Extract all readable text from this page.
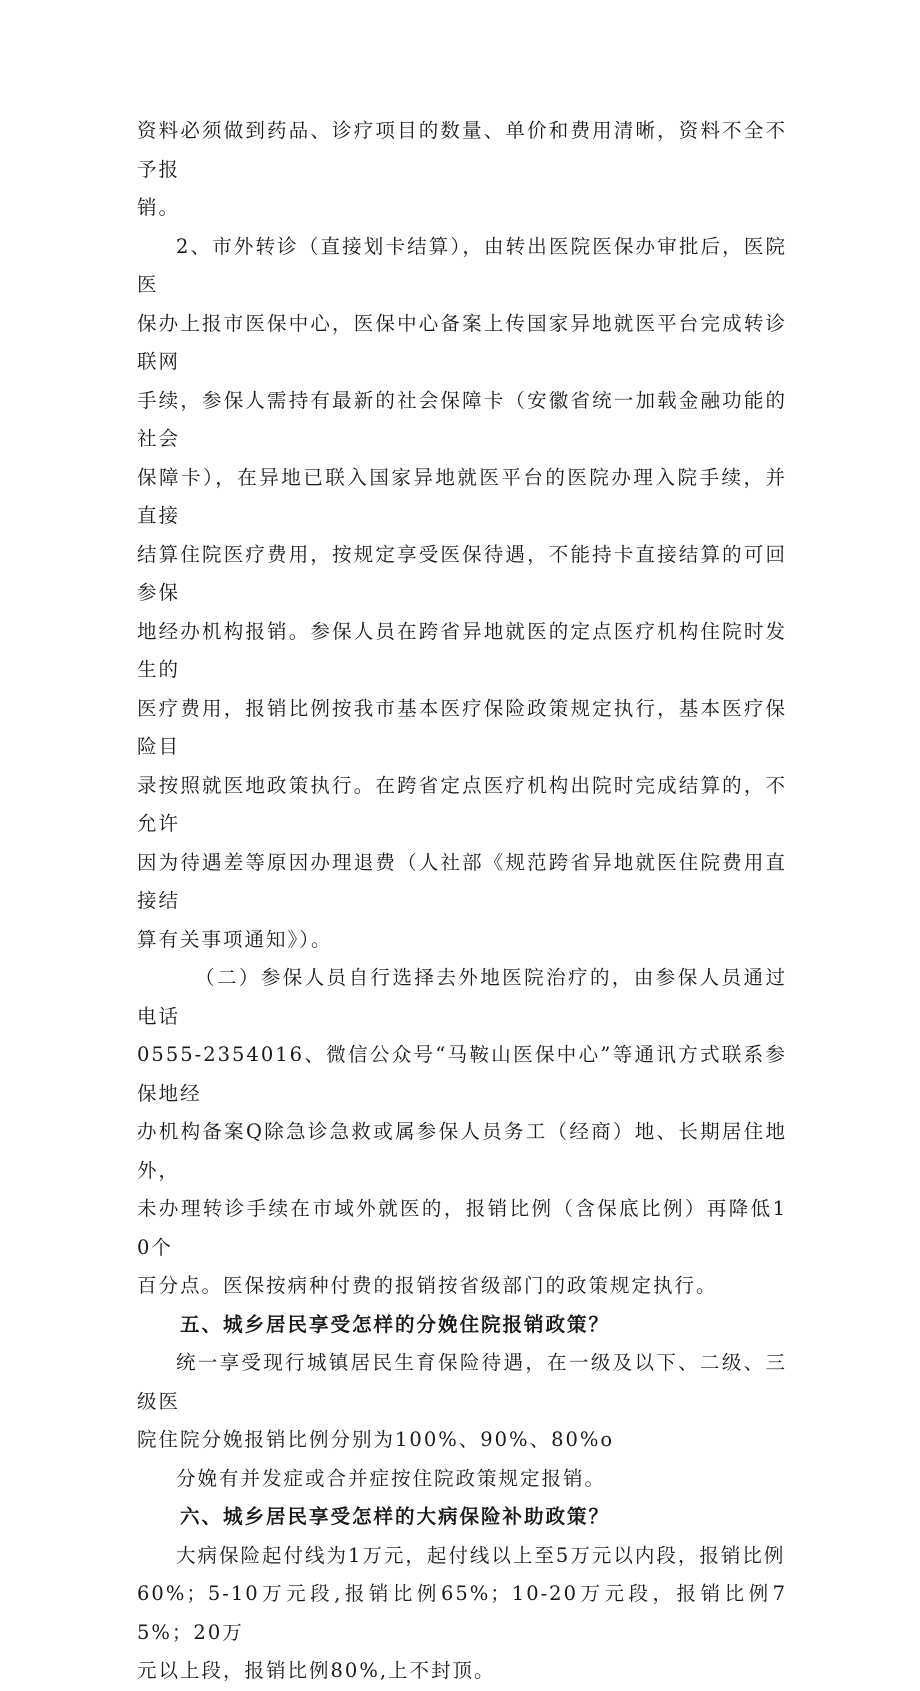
资料必须做到药品、诊疗项目的数量、单价和费用清晰，资料不全不予报
销。

2、市外转诊（直接划卡结算），由转出医院医保办审批后，医院医
保办上报市医保中心，医保中心备案上传国家异地就医平台完成转诊联网
手续，参保人需持有最新的社会保障卡（安徽省统一加载金融功能的社会
保障卡），在异地已联入国家异地就医平台的医院办理入院手续，并直接
结算住院医疗费用，按规定享受医保待遇，不能持卡直接结算的可回参保
地经办机构报销。参保人员在跨省异地就医的定点医疗机构住院时发生的
医疗费用，报销比例按我市基本医疗保险政策规定执行，基本医疗保险目
录按照就医地政策执行。在跨省定点医疗机构出院时完成结算的，不允许
因为待遇差等原因办理退费（人社部《规范跨省异地就医住院费用直接结
算有关事项通知》）。

（二）参保人员自行选择去外地医院治疗的，由参保人员通过电话
0555-2354016、微信公众号“马鞍山医保中心”等通讯方式联系参保地经
办机构备案Q除急诊急救或属参保人员务工（经商）地、长期居住地外，
未办理转诊手续在市域外就医的，报销比例（含保底比例）再降低10个
百分点。医保按病种付费的报销按省级部门的政策规定执行。

五、城乡居民享受怎样的分娩住院报销政策？

统一享受现行城镇居民生育保险待遇，在一级及以下、二级、三级医
院住院分娩报销比例分别为100%、90%、80%o

分娩有并发症或合并症按住院政策规定报销。

六、城乡居民享受怎样的大病保险补助政策？

大病保险起付线为1万元，起付线以上至5万元以内段，报销比例
60%；5-10万元段,报销比例65%；10-20万元段，报销比例75%；20万
元以上段，报销比例80%,上不封顶。
